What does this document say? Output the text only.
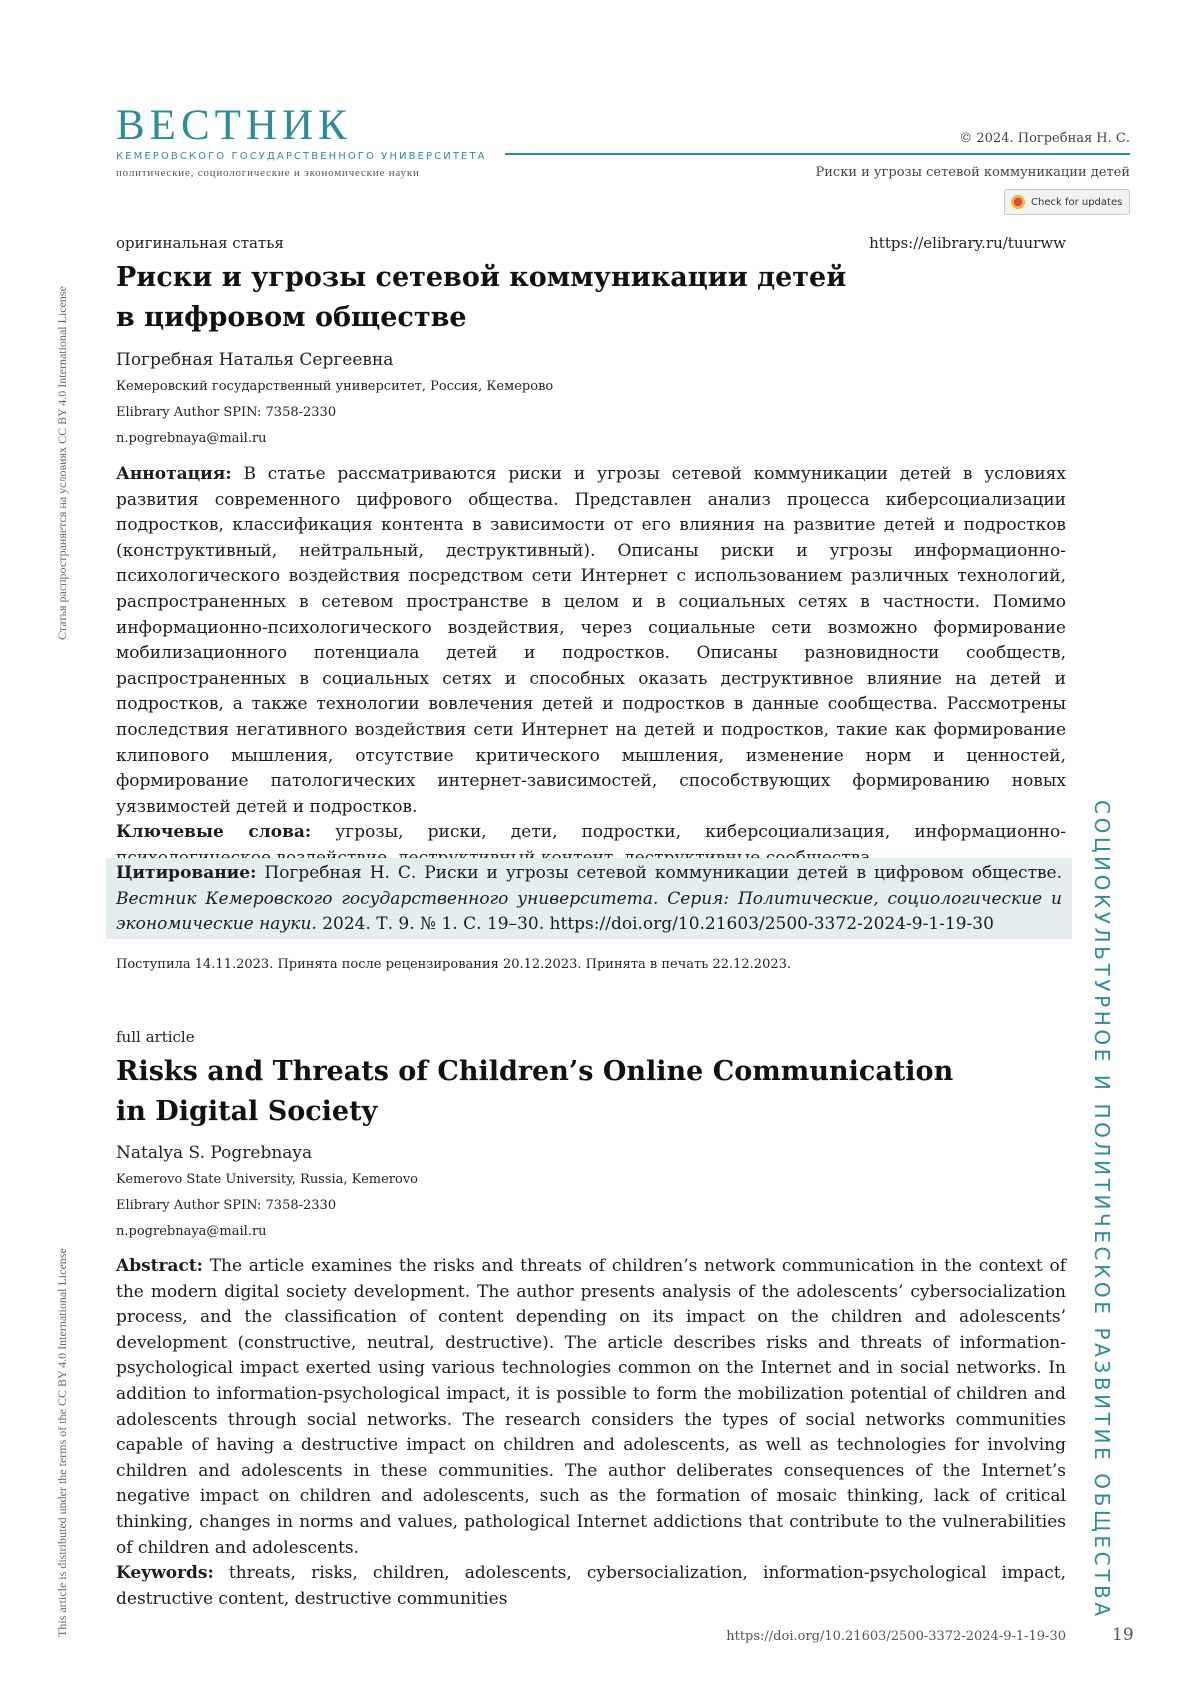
ВЕСТНИК
КЕМЕРОВСКОГО ГОСУДАРСТВЕННОГО УНИВЕРСИТЕТА
политические, социологические и экономические науки
© 2024. Погребная Н. С.
Риски и угрозы сетевой коммуникации детей
Check for updates
Статья распространяется на условиях CC BY 4.0 International License
This article is distributed under the terms of the CC BY 4.0 International License	СОЦИОКУЛЬТУРНОЕ И ПОЛИТИЧЕСКОЕ РАЗВИТИЕ ОБЩЕСТВА
оригинальная статья	https://elibrary.ru/tuurww
Риски и угрозы сетевой коммуникации детей
в цифровом обществе
Погребная Наталья Сергеевна
Кемеровский государственный университет, Россия, Кемерово
Elibrary Author SPIN: 7358-2330
n.pogrebnaya@mail.ru

Аннотация: В статье рассматриваются риски и угрозы сетевой коммуникации детей в условиях развития современного цифрового общества. Представлен анализ процесса киберсоциализации подростков, классификация контента в зависимости от его влияния на развитие детей и подростков (конструктивный, нейтральный, деструктивный). Описаны риски и угрозы информационно-психологического воздействия посредством сети Интернет с использованием различных технологий, распространенных в сетевом пространстве в целом и в социальных сетях в частности. Помимо информационно-психологического воздействия, через социальные сети возможно формирование мобилизационного потенциала детей и подростков. Описаны разновидности сообществ, распространенных в социальных сетях и способных оказать деструктивное влияние на детей и подростков, а также технологии вовлечения детей и подростков в данные сообщества. Рассмотрены последствия негативного воздействия сети Интернет на детей и подростков, такие как формирование клипового мышления, отсутствие критического мышления, изменение норм и ценностей, формирование патологических интернет-зависимостей, способствующих формированию новых уязвимостей детей и подростков.

Ключевые слова: угрозы, риски, дети, подростки, киберсоциализация, информационно-

Цитирование: Погребная Н. С. Риски и угрозы сетевой коммуникации детей в цифровом обществе. Вестник Кемеровского государственного университета. Серия: Политические, социологические и экономические науки. 2024. Т. 9. № 1. С. 19–30. https://doi.org/10.21603/2500-3372-2024-9-1-19-30

Поступила 14.11.2023. Принята после рецензирования 20.12.2023. Принята в печать 22.12.2023.
full article
Risks and Threats of Children’s Online Communication
in Digital Society
Natalya S. Pogrebnaya
Kemerovo State University, Russia, Kemerovo
Elibrary Author SPIN: 7358-2330
n.pogrebnaya@mail.ru

Abstract: The article examines the risks and threats of children’s network communication in the context of the modern digital society development. The author presents analysis of the adolescents’ cybersocialization process, and the classification of content depending on its impact on the children and adolescents’ development (constructive, neutral, destructive). The article describes risks and threats of information-psychological impact exerted using various technologies common on the Internet and in social networks. In addition to information-psychological impact, it is possible to form the mobilization potential of children and adolescents through social networks. The research considers the types of social networks communities capable of having a destructive impact on children and adolescents, as well as technologies for involving children and adolescents in these communities. The author deliberates consequences of the Internet’s negative impact on children and adolescents, such as the formation of mosaic thinking, lack of critical thinking, changes in norms and values, pathological Internet addictions that contribute to the vulnerabilities of children and adolescents.

Keywords: threats, risks, children, adolescents, cybersocialization, information-psychological impact, destructive content, destructive communities

https://doi.org/10.21603/2500-3372-2024-9-1-19-30	19
